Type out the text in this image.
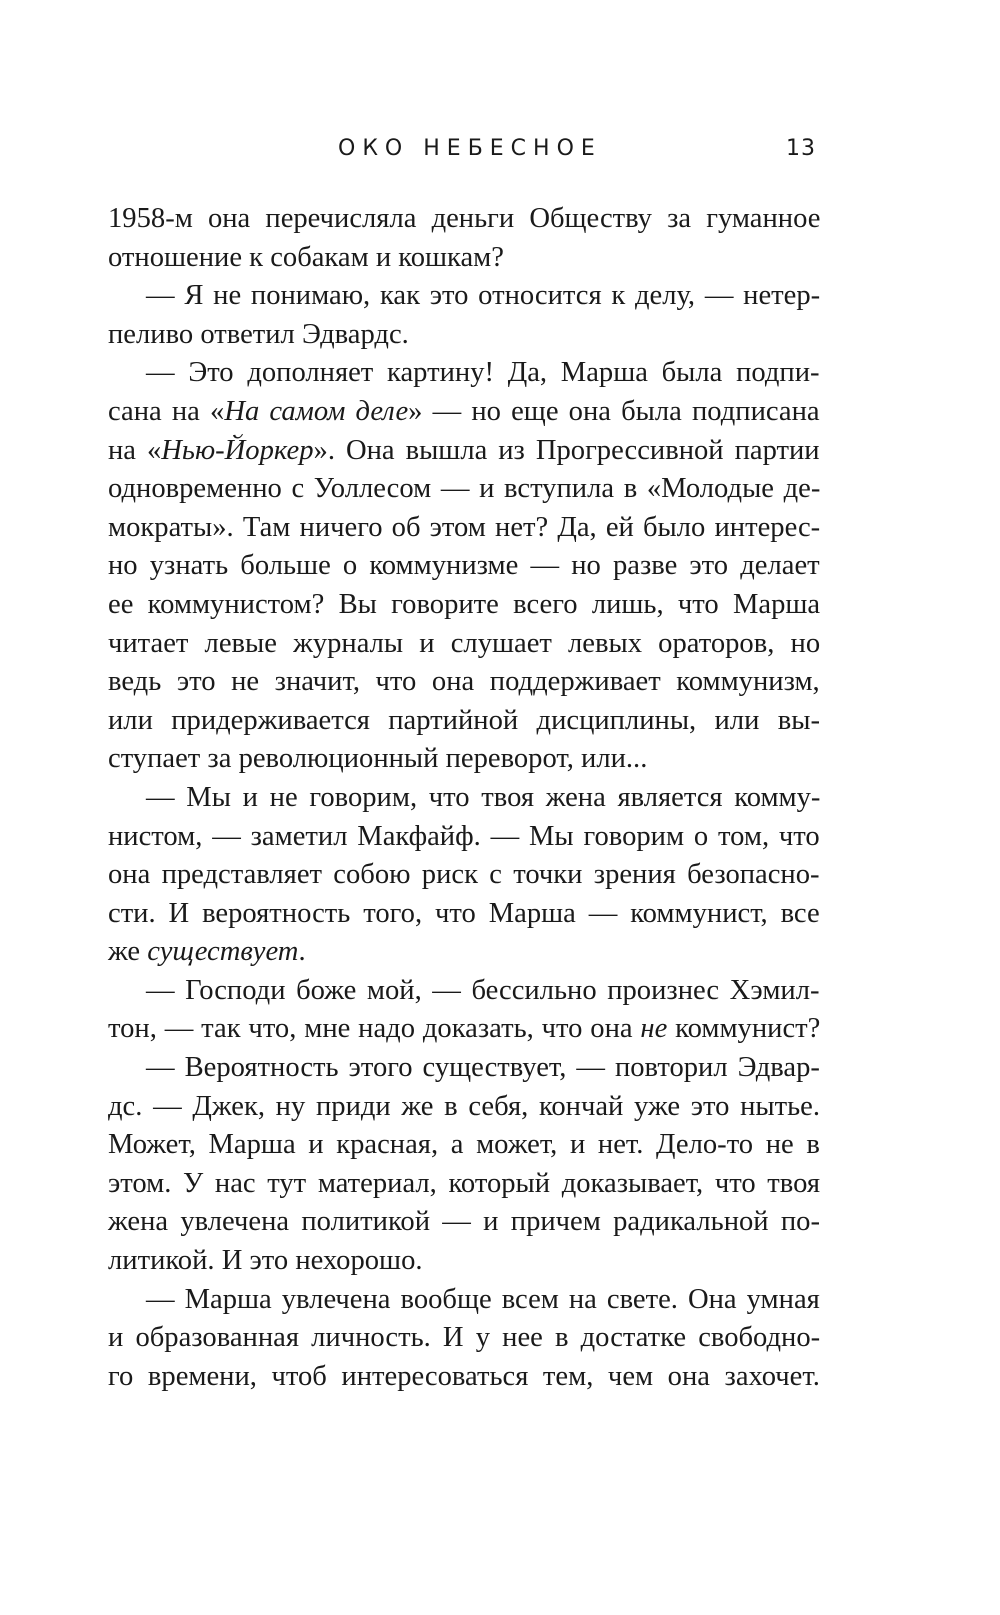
ОКО НЕБЕСНОЕ	13
1958-м она перечисляла деньги Обществу за гуманное
отношение к собакам и кошкам?
— Я не понимаю, как это относится к делу, — нетер-
пеливо ответил Эдвардс.
— Это дополняет картину! Да, Марша была подпи-
сана на «На самом деле» — но еще она была подписана
на «Нью-Йоркер». Она вышла из Прогрессивной партии
одновременно с Уоллесом — и вступила в «Молодые де-
мократы». Там ничего об этом нет? Да, ей было интерес-
но узнать больше о коммунизме — но разве это делает
ее коммунистом? Вы говорите всего лишь, что Марша
читает левые журналы и слушает левых ораторов, но
ведь это не значит, что она поддерживает коммунизм,
или придерживается партийной дисциплины, или вы-
ступает за революционный переворот, или...
— Мы и не говорим, что твоя жена является комму-
нистом, — заметил Макфайф. — Мы говорим о том, что
она представляет собою риск с точки зрения безопасно-
сти. И вероятность того, что Марша — коммунист, все
же существует.
— Господи боже мой, — бессильно произнес Хэмил-
тон, — так что, мне надо доказать, что она не коммунист?
— Вероятность этого существует, — повторил Эдвар-
дс. — Джек, ну приди же в себя, кончай уже это нытье.
Может, Марша и красная, а может, и нет. Дело-то не в
этом. У нас тут материал, который доказывает, что твоя
жена увлечена политикой — и причем радикальной по-
литикой. И это нехорошо.
— Марша увлечена вообще всем на свете. Она умная
и образованная личность. И у нее в достатке свободно-
го времени, чтоб интересоваться тем, чем она захочет.
